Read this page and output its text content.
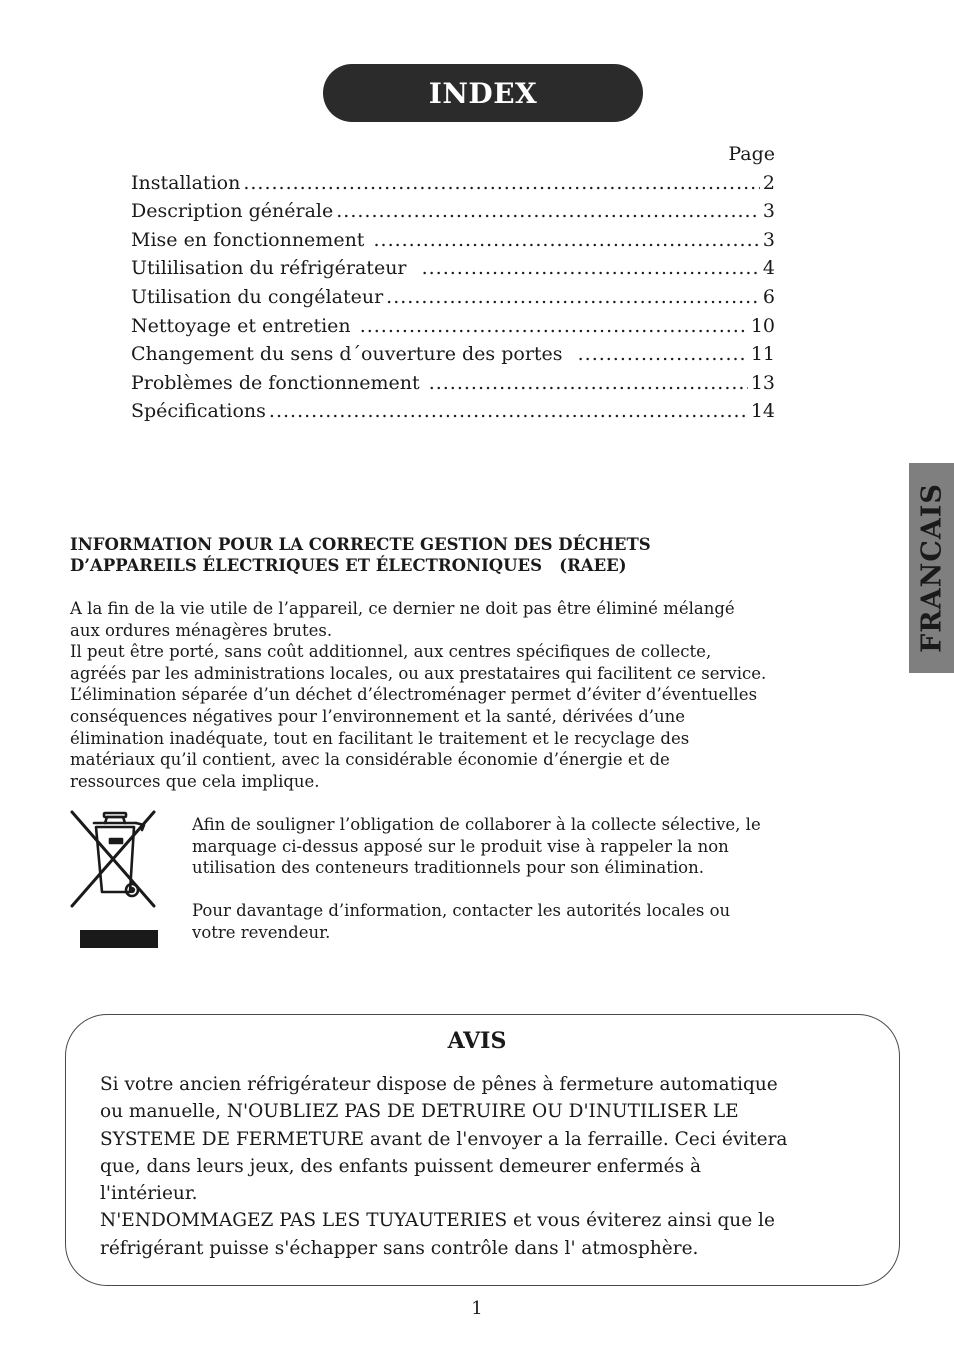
INDEX
Page
Installation .....	2
Description générale .....	3
Mise en fonctionnement .....	3
Utililisation du réfrigérateur .....	4
Utilisation du congélateur .....	6
Nettoyage et entretien .....	10
Changement du sens d´ouverture des portes .....	11
Problèmes de fonctionnement .....	13
Spécifications .....	14
FRANCAIS
INFORMATION POUR LA CORRECTE GESTION DES DÉCHETS
D’APPAREILS ÉLECTRIQUES ET ÉLECTRONIQUES   (RAEE)
A la fin de la vie utile de l’appareil, ce dernier ne doit pas être éliminé mélangé
aux ordures ménagères brutes.
Il peut être porté, sans coût additionnel, aux centres spécifiques de collecte,
agréés par les administrations locales, ou aux prestataires qui facilitent ce service.
L’élimination séparée d’un déchet d’électroménager permet d’éviter d’éventuelles
conséquences négatives pour l’environnement et la santé, dérivées d’une
élimination inadéquate, tout en facilitant le traitement et le recyclage des
matériaux qu’il contient, avec la considérable économie d’énergie et de
ressources que cela implique.
Afin de souligner l’obligation de collaborer à la collecte sélective, le
marquage ci-dessus apposé sur le produit vise à rappeler la non
utilisation des conteneurs traditionnels pour son élimination.
Pour davantage d’information, contacter les autorités locales ou
votre revendeur.
AVIS
Si votre ancien réfrigérateur dispose de pênes à fermeture automatique
ou manuelle, N'OUBLIEZ PAS DE DETRUIRE OU D'INUTILISER LE
SYSTEME DE FERMETURE avant de l'envoyer a la ferraille. Ceci évitera
que, dans leurs jeux, des enfants puissent demeurer enfermés à
l'intérieur.
N'ENDOMMAGEZ PAS LES TUYAUTERIES et vous éviterez ainsi que le
réfrigérant puisse s'échapper sans contrôle dans l' atmosphère.
1
